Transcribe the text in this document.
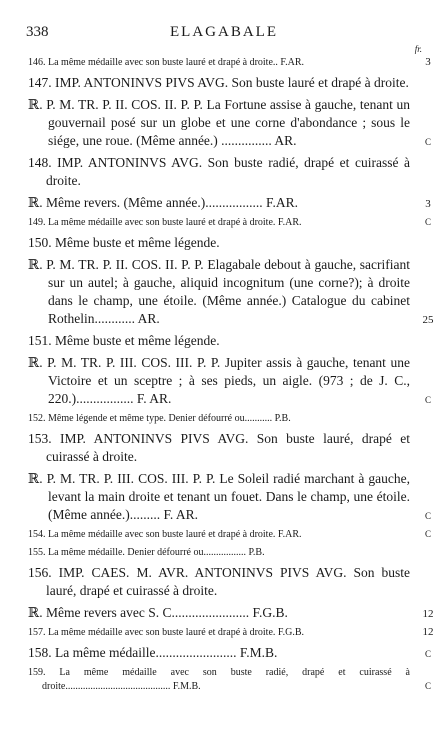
338	ELAGABALE
fr.
146. La même médaille avec son buste lauré et drapé à droite.. F.AR.	3
147. IMP. ANTONINVS PIVS AVG. Son buste lauré et drapé à droite.
ℝ. P. M. TR. P. II. COS. II. P. P. La Fortune assise à gauche, tenant un gouvernail posé sur un globe et une corne d'abondance ; sous le siége, une roue. (Même année.) ............... AR.	C
148. IMP. ANTONINVS AVG. Son buste radié, drapé et cuirassé à droite.
ℝ. Même revers. (Même année.)................. F.AR.	3
149. La même médaille avec son buste lauré et drapé à droite. F.AR.	C
150. Même buste et même légende.
ℝ. P. M. TR. P. II. COS. II. P. P. Elagabale debout à gauche, sacrifiant sur un autel; à gauche, aliquid incognitum (une corne?); à droite dans le champ, une étoile. (Même année.) Catalogue du cabinet Rothelin............ AR.	25
151. Même buste et même légende.
ℝ. P. M. TR. P. III. COS. III. P. P. Jupiter assis à gauche, tenant une Victoire et un sceptre ; à ses pieds, un aigle. (973 ; de J. C., 220.)................. F. AR.	C
152. Même légende et même type. Denier défourré ou........... P.B.
153. IMP. ANTONINVS PIVS AVG. Son buste lauré, drapé et cuirassé à droite.
ℝ. P. M. TR. P. III. COS. III. P. P. Le Soleil radié marchant à gauche, levant la main droite et tenant un fouet. Dans le champ, une étoile. (Même année.)......... F. AR.	C
154. La même médaille avec son buste lauré et drapé à droite. F.AR.	C
155. La même médaille. Denier défourré ou................. P.B.
156. IMP. CAES. M. AVR. ANTONINVS PIVS AVG. Son buste lauré, drapé et cuirassé à droite.
ℝ. Même revers avec S. C....................... F.G.B.	12
157. La même médaille avec son buste lauré et drapé à droite. F.G.B.	12
158. La même médaille........................ F.M.B.	C
159. La même médaille avec son buste radié, drapé et cuirassé à droite.......................................... F.M.B.	C
